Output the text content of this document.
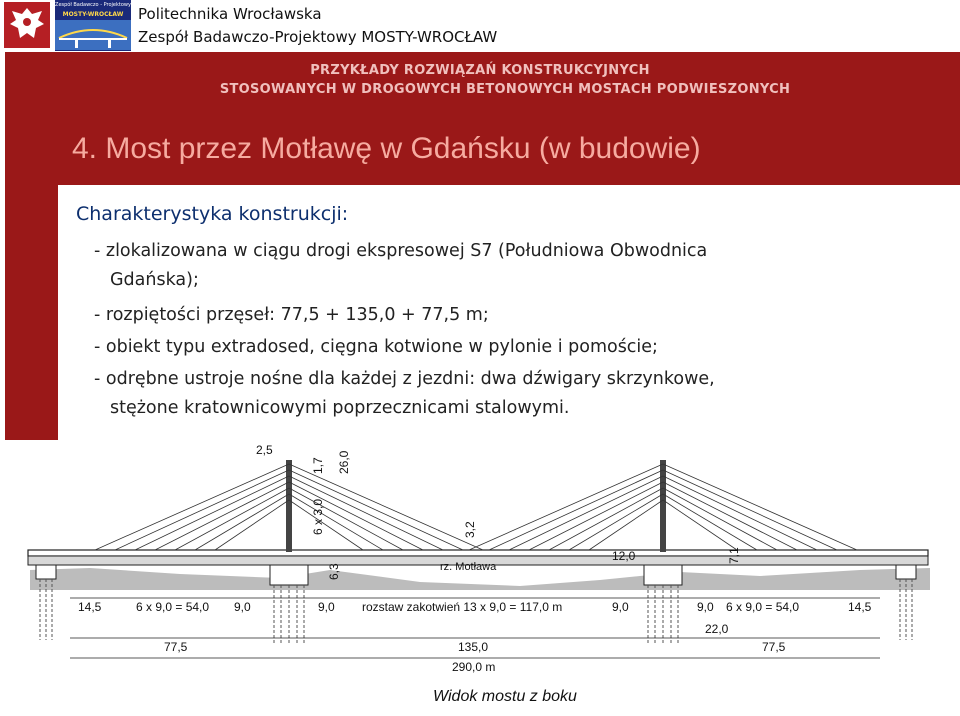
Zespół Badawczo - Projektowy
MOSTY-WROCŁAW Politechnika Wrocławska
Zespół Badawczo-Projektowy MOSTY-WROCŁAW
PRZYKŁADY ROZWIĄZAŃ KONSTRUKCYJNYCH
STOSOWANYCH W DROGOWYCH BETONOWYCH MOSTACH PODWIESZONYCH
4. Most przez Motławę w Gdańsku (w budowie)
Charakterystyka konstrukcji:
- zlokalizowana w ciągu drogi ekspresowej S7 (Południowa Obwodnica
Gdańska);
- rozpiętości przęseł: 77,5 + 135,0 + 77,5 m;
- obiekt typu extradosed, cięgna kotwione w pylonie i pomoście;
- odrębne ustroje nośne dla każdej z jezdni: dwa dźwigary skrzynkowe,
stężone kratownicowymi poprzecznicami stalowymi.
2,5
1,7 26,0
6 x 3,0	3,2
6,3
12,0	7,1
rz. Motława
14,5	6 x 9,0 = 54,0 9,0	9,0 rozstaw zakotwień 13 x 9,0 = 117,0 m	9,0	9,0 6 x 9,0 = 54,0	14,5
22,0
77,5	135,0	77,5
290,0 m
Widok mostu z boku
